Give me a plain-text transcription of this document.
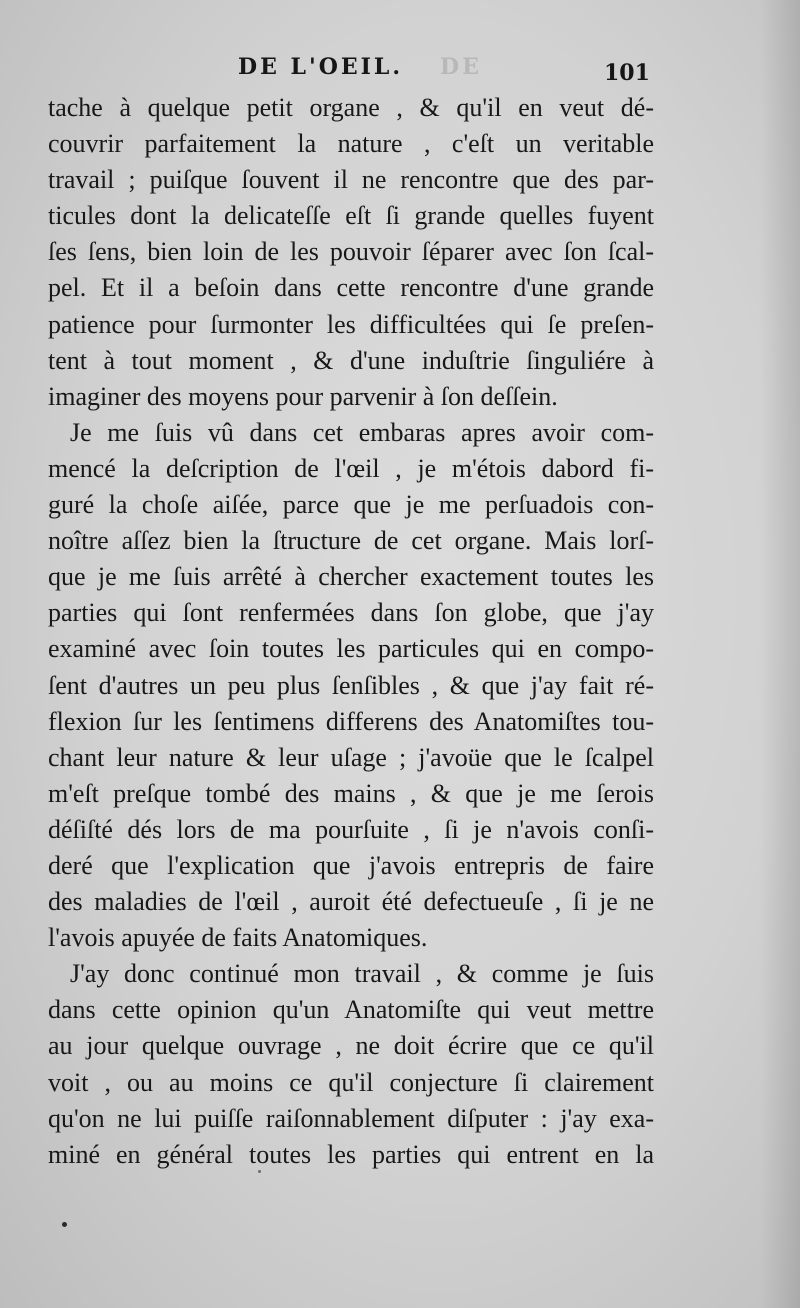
DE L'OEIL. DE	101
tache à quelque petit organe , & qu'il en veut dé-
couvrir parfaitement la nature , c'eſt un veritable
travail ; puiſque ſouvent il ne rencontre que des par-
ticules dont la delicateſſe eſt ſi grande quelles fuyent
ſes ſens, bien loin de les pouvoir ſéparer avec ſon ſcal-
pel. Et il a beſoin dans cette rencontre d'une grande
patience pour ſurmonter les difficultées qui ſe preſen-
tent à tout moment , & d'une induſtrie ſinguliére à
imaginer des moyens pour parvenir à ſon deſſein.
Je me ſuis vû dans cet embaras apres avoir com-
mencé la deſcription de l'œil , je m'étois dabord fi-
guré la choſe aiſée, parce que je me perſuadois con-
noître aſſez bien la ſtructure de cet organe. Mais lorſ-
que je me ſuis arrêté à chercher exactement toutes les
parties qui ſont renfermées dans ſon globe, que j'ay
examiné avec ſoin toutes les particules qui en compo-
ſent d'autres un peu plus ſenſibles , & que j'ay fait ré-
flexion ſur les ſentimens differens des Anatomiſtes tou-
chant leur nature & leur uſage ; j'avoüe que le ſcalpel
m'eſt preſque tombé des mains , & que je me ſerois
déſiſté dés lors de ma pourſuite , ſi je n'avois conſi-
deré que l'explication que j'avois entrepris de faire
des maladies de l'œil , auroit été defectueuſe , ſi je ne
l'avois apuyée de faits Anatomiques.
J'ay donc continué mon travail , & comme je ſuis
dans cette opinion qu'un Anatomiſte qui veut mettre
au jour quelque ouvrage , ne doit écrire que ce qu'il
voit , ou au moins ce qu'il conjecture ſi clairement
qu'on ne lui puiſſe raiſonnablement diſputer : j'ay exa-
miné en général toutes les parties qui entrent en la
